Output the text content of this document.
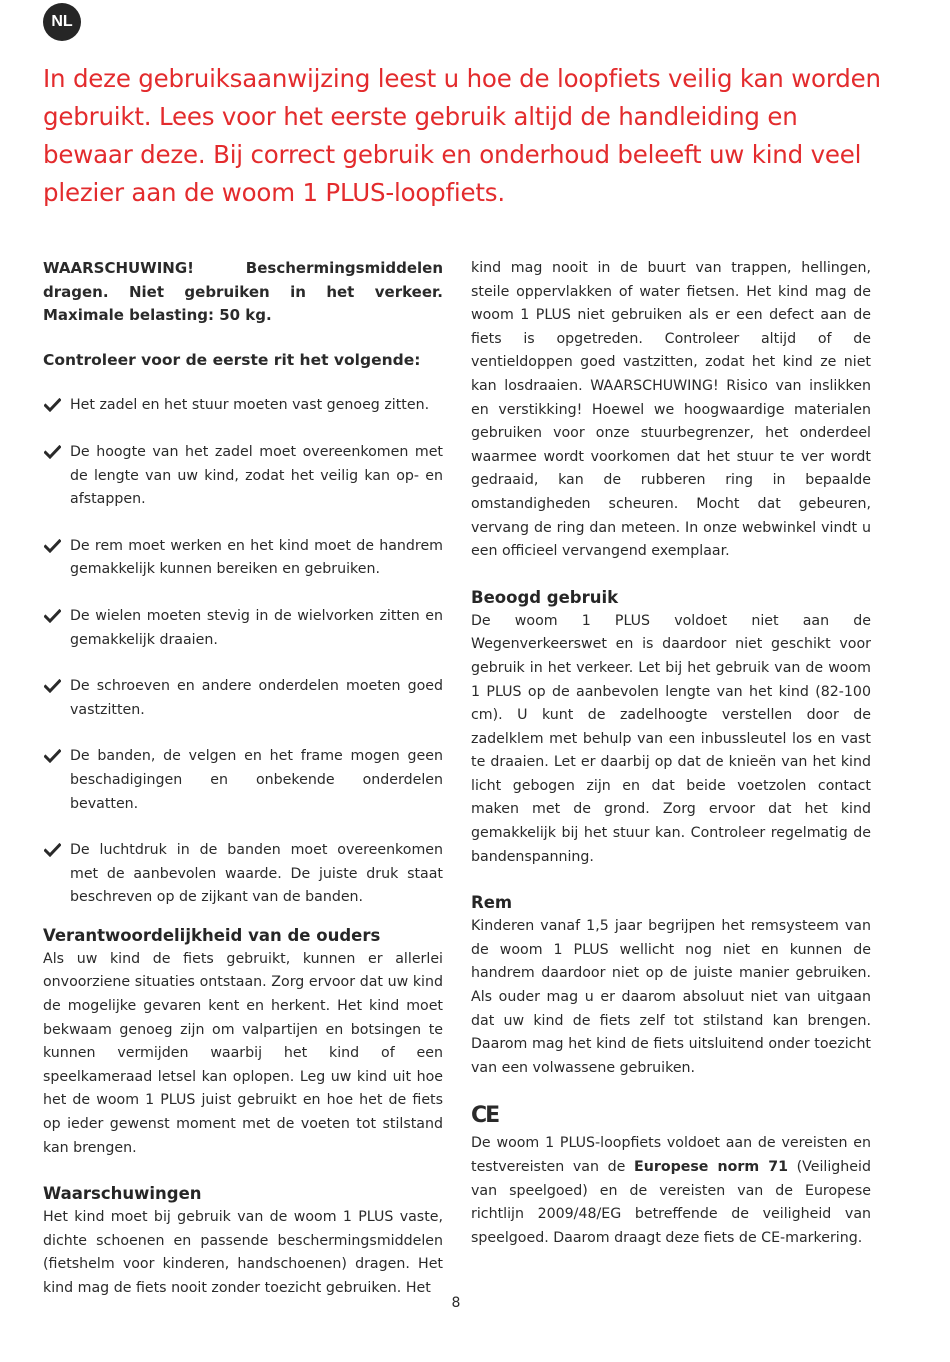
NL

In deze gebruiksaanwijzing leest u hoe de loopfiets veilig kan worden gebruikt. Lees voor het eerste gebruik altijd de handleiding en bewaar deze. Bij correct gebruik en onderhoud beleeft uw kind veel plezier aan de woom 1 PLUS-loopfiets.

WAARSCHUWING! Beschermingsmiddelen dragen. Niet gebruiken in het verkeer. Maximale belasting: 50 kg.

Controleer voor de eerste rit het volgende:

Het zadel en het stuur moeten vast genoeg zitten.
De hoogte van het zadel moet overeenkomen met de lengte van uw kind, zodat het veilig kan op- en afstappen.
De rem moet werken en het kind moet de handrem gemakkelijk kunnen bereiken en gebruiken.
De wielen moeten stevig in de wielvorken zitten en gemakkelijk draaien.
De schroeven en andere onderdelen moeten goed vastzitten.
De banden, de velgen en het frame mogen geen beschadigingen en onbekende onderdelen bevatten.
De luchtdruk in de banden moet overeenkomen met de aanbevolen waarde. De juiste druk staat beschreven op de zijkant van de banden.
Verantwoordelijkheid van de ouders

Als uw kind de fiets gebruikt, kunnen er allerlei onvoorziene situaties ontstaan. Zorg ervoor dat uw kind de mogelijke gevaren kent en herkent. Het kind moet bekwaam genoeg zijn om valpartijen en botsingen te kunnen vermijden waarbij het kind of een speelkameraad letsel kan oplopen. Leg uw kind uit hoe het de woom 1 PLUS juist gebruikt en hoe het de fiets op ieder gewenst moment met de voeten tot stilstand kan brengen.

Waarschuwingen

Het kind moet bij gebruik van de woom 1 PLUS vaste, dichte schoenen en passende beschermingsmiddelen (fietshelm voor kinderen, handschoenen) dragen. Het kind mag de fiets nooit zonder toezicht gebruiken. Het

kind mag nooit in de buurt van trappen, hellingen, steile oppervlakken of water fietsen. Het kind mag de woom 1 PLUS niet gebruiken als er een defect aan de fiets is opgetreden. Controleer altijd of de ventieldoppen goed vastzitten, zodat het kind ze niet kan losdraaien. WAARSCHUWING! Risico van inslikken en verstikking! Hoewel we hoogwaardige materialen gebruiken voor onze stuurbegrenzer, het onderdeel waarmee wordt voorkomen dat het stuur te ver wordt gedraaid, kan de rubberen ring in bepaalde omstandigheden scheuren. Mocht dat gebeuren, vervang de ring dan meteen. In onze webwinkel vindt u een officieel vervangend exemplaar.

Beoogd gebruik

De woom 1 PLUS voldoet niet aan de Wegenverkeerswet en is daardoor niet geschikt voor gebruik in het verkeer. Let bij het gebruik van de woom 1 PLUS op de aanbevolen lengte van het kind (82-100 cm). U kunt de zadelhoogte verstellen door de zadelklem met behulp van een inbussleutel los en vast te draaien. Let er daarbij op dat de knieën van het kind licht gebogen zijn en dat beide voetzolen contact maken met de grond. Zorg ervoor dat het kind gemakkelijk bij het stuur kan. Controleer regelmatig de bandenspanning.

Rem

Kinderen vanaf 1,5 jaar begrijpen het remsysteem van de woom 1 PLUS wellicht nog niet en kunnen de handrem daardoor niet op de juiste manier gebruiken. Als ouder mag u er daarom absoluut niet van uitgaan dat uw kind de fiets zelf tot stilstand kan brengen. Daarom mag het kind de fiets uitsluitend onder toezicht van een volwassene gebruiken.

CE

De woom 1 PLUS-loopfiets voldoet aan de vereisten en testvereisten van de Europese norm 71 (Veiligheid van speelgoed) en de vereisten van de Europese richtlijn 2009/48/EG betreffende de veiligheid van speelgoed. Daarom draagt deze fiets de CE-markering.

8
